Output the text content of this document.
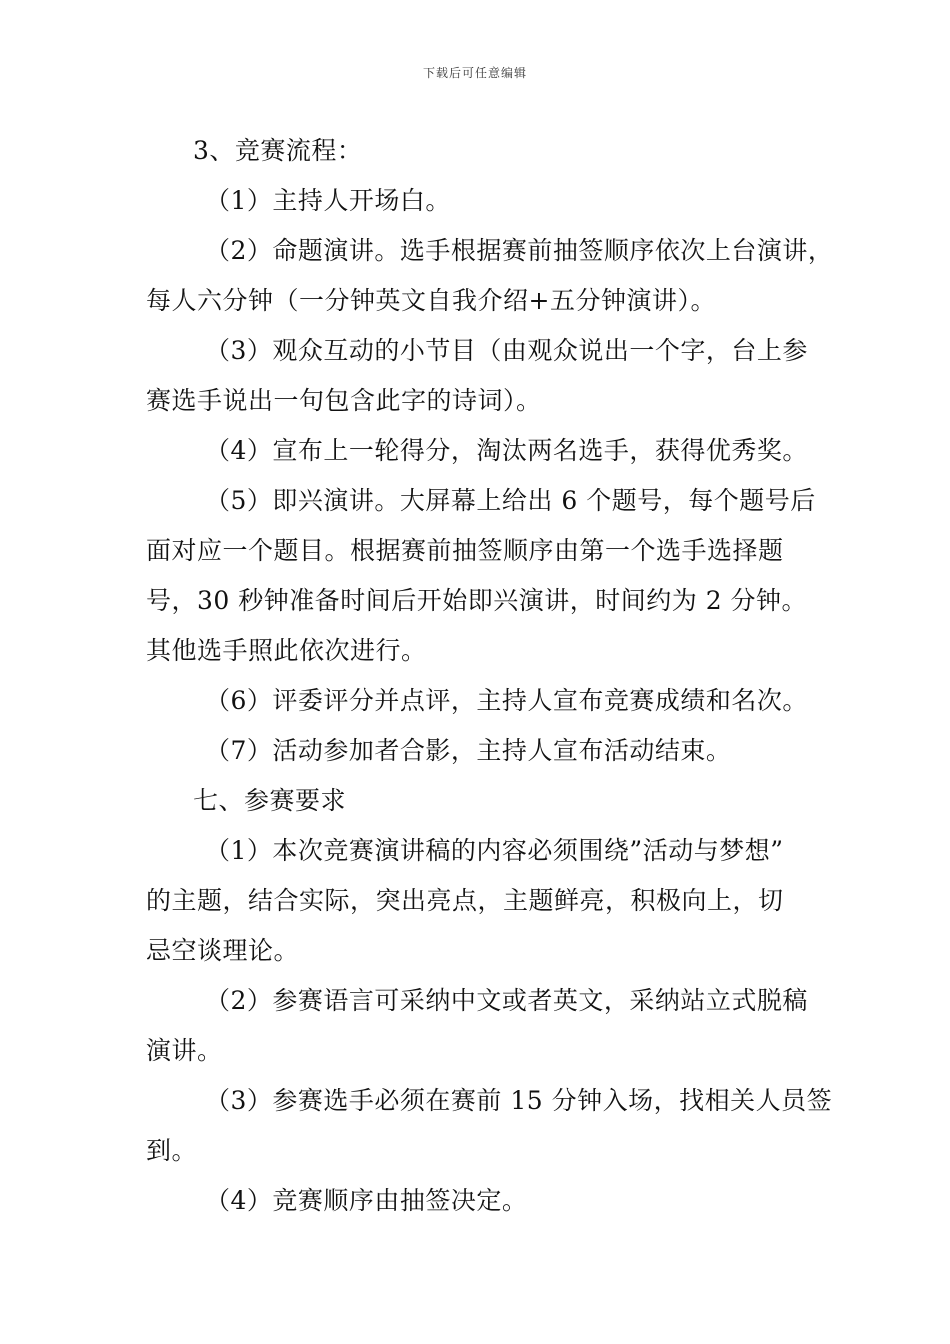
下载后可任意编辑
3、竞赛流程：
（1）主持人开场白。
（2）命题演讲。选手根据赛前抽签顺序依次上台演讲，
每人六分钟（一分钟英文自我介绍+五分钟演讲）。
（3）观众互动的小节目（由观众说出一个字，台上参
赛选手说出一句包含此字的诗词）。
（4）宣布上一轮得分，淘汰两名选手，获得优秀奖。
（5）即兴演讲。大屏幕上给出 6 个题号，每个题号后
面对应一个题目。根据赛前抽签顺序由第一个选手选择题
号，30 秒钟准备时间后开始即兴演讲，时间约为 2 分钟。
其他选手照此依次进行。
（6）评委评分并点评，主持人宣布竞赛成绩和名次。
（7）活动参加者合影，主持人宣布活动结束。
七、参赛要求
（1）本次竞赛演讲稿的内容必须围绕”活动与梦想”
的主题，结合实际，突出亮点，主题鲜亮，积极向上，切
忌空谈理论。
（2）参赛语言可采纳中文或者英文，采纳站立式脱稿
演讲。
（3）参赛选手必须在赛前 15 分钟入场，找相关人员签
到。
（4）竞赛顺序由抽签决定。
